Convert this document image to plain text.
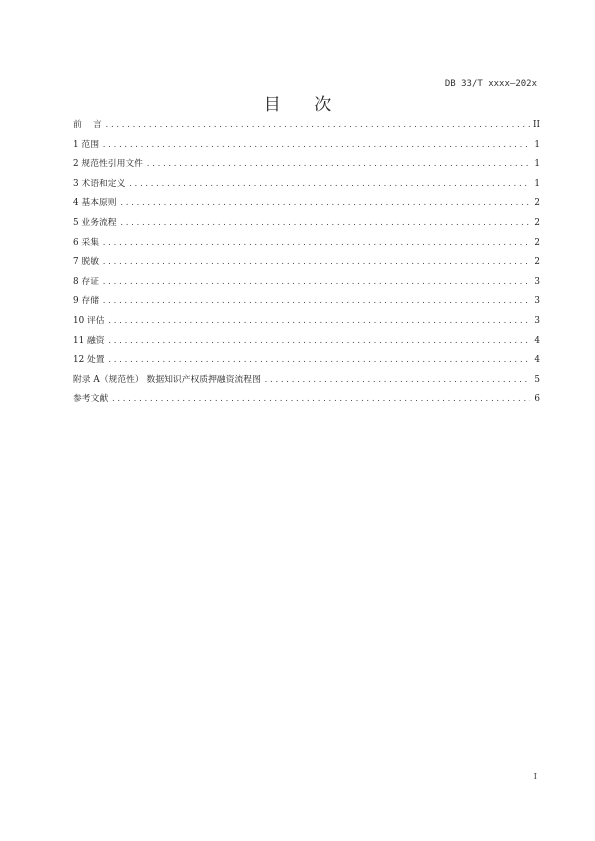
DB 33/T xxxx—202x
目 次
前    言 .....	II
1 范围 .....	1
2 规范性引用文件 .....	1
3 术语和定义 .....	1
4 基本原则 .....	2
5 业务流程 .....	2
6 采集 .....	2
7 脱敏 .....	2
8 存证 .....	3
9 存储 .....	3
10 评估 .....	3
11 融资 .....	4
12 处置 .....	4
附录 A（规范性） 数据知识产权质押融资流程图 .....	5
参考文献 .....	6
I
